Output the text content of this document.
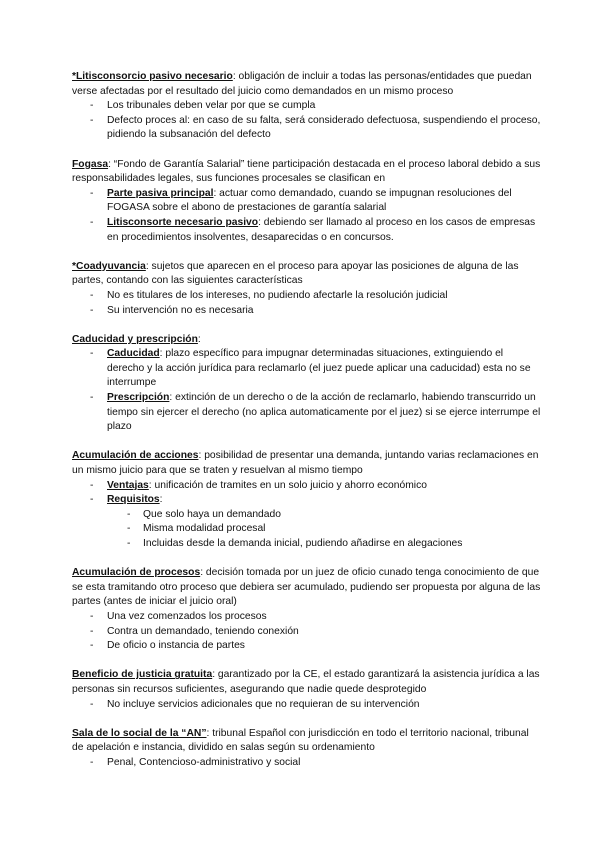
*Litisconsorcio pasivo necesario: obligación de incluir a todas las personas/entidades que puedan verse afectadas por el resultado del juicio como demandados en un mismo proceso

- Los tribunales deben velar por que se cumpla
- Defecto proces al: en caso de su falta, será considerado defectuosa, suspendiendo el proceso, pidiendo la subsanación del defecto

Fogasa: “Fondo de Garantía Salarial” tiene participación destacada en el proceso laboral debido a sus responsabilidades legales, sus funciones procesales se clasifican en

- Parte pasiva principal: actuar como demandado, cuando se impugnan resoluciones del FOGASA sobre el abono de prestaciones de garantía salarial
- Litisconsorte necesario pasivo: debiendo ser llamado al proceso en los casos de empresas en procedimientos insolventes, desaparecidas o en concursos.

*Coadyuvancia: sujetos que aparecen en el proceso para apoyar las posiciones de alguna de las partes, contando con las siguientes características

- No es titulares de los intereses, no pudiendo afectarle la resolución judicial
- Su intervención no es necesaria

Caducidad y prescripción:

- Caducidad: plazo específico para impugnar determinadas situaciones, extinguiendo el derecho y la acción jurídica para reclamarlo (el juez puede aplicar una caducidad) esta no se interrumpe
- Prescripción: extinción de un derecho o de la acción de reclamarlo, habiendo transcurrido un tiempo sin ejercer el derecho (no aplica automaticamente por el juez) si se ejerce interrumpe el plazo

Acumulación de acciones: posibilidad de presentar una demanda, juntando varias reclamaciones en un mismo juicio para que se traten y resuelvan al mismo tiempo

- Ventajas: unificación de tramites en un solo juicio y ahorro económico
- Requisitos:
- Que solo haya un demandado
- Misma modalidad procesal
- Incluidas desde la demanda inicial, pudiendo añadirse en alegaciones

Acumulación de procesos: decisión tomada por un juez de oficio cunado tenga conocimiento de que se esta tramitando otro proceso que debiera ser acumulado, pudiendo ser propuesta por alguna de las partes (antes de iniciar el juicio oral)

- Una vez comenzados los procesos
- Contra un demandado, teniendo conexión
- De oficio o instancia de partes

Beneficio de justicia gratuita: garantizado por la CE, el estado garantizará la asistencia jurídica a las personas sin recursos suficientes, asegurando que nadie quede desprotegido

- No incluye servicios adicionales que no requieran de su intervención

Sala de lo social de la “AN”: tribunal Español con jurisdicción en todo el territorio nacional, tribunal de apelación e instancia, dividido en salas según su ordenamiento

- Penal, Contencioso-administrativo y social
